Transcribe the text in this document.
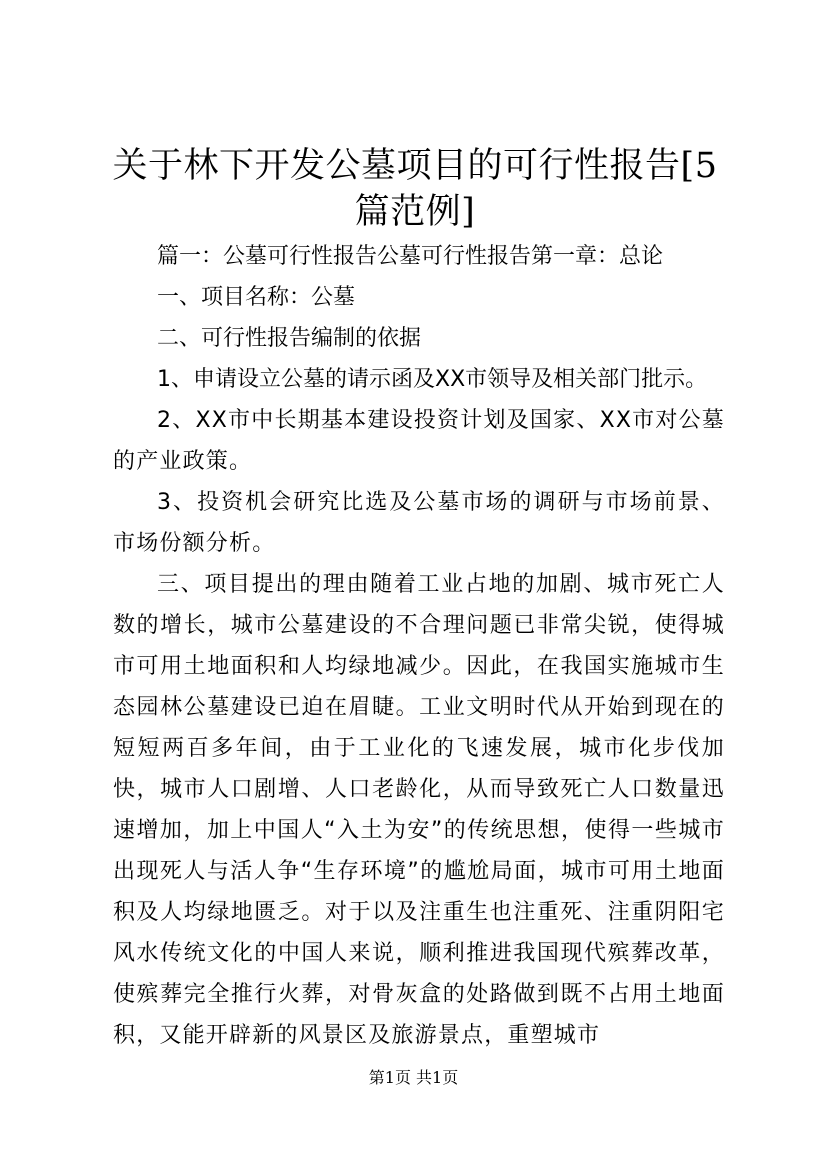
关于林下开发公墓项目的可行性报告[5篇范例]

篇一：公墓可行性报告公墓可行性报告第一章：总论

一、项目名称：公墓

二、可行性报告编制的依据

1、申请设立公墓的请示函及XX市领导及相关部门批示。

2、XX市中长期基本建设投资计划及国家、XX市对公墓的产业政策。

3、投资机会研究比选及公墓市场的调研与市场前景、市场份额分析。

三、项目提出的理由随着工业占地的加剧、城市死亡人数的增长，城市公墓建设的不合理问题已非常尖锐，使得城市可用土地面积和人均绿地减少。因此，在我国实施城市生态园林公墓建设已迫在眉睫。工业文明时代从开始到现在的短短两百多年间，由于工业化的飞速发展，城市化步伐加快，城市人口剧增、人口老龄化，从而导致死亡人口数量迅速增加，加上中国人“入土为安”的传统思想，使得一些城市出现死人与活人争“生存环境”的尴尬局面，城市可用土地面积及人均绿地匮乏。对于以及注重生也注重死、注重阴阳宅风水传统文化的中国人来说，顺利推进我国现代殡葬改革，使殡葬完全推行火葬，对骨灰盒的处路做到既不占用土地面积，又能开辟新的风景区及旅游景点，重塑城市

第1页 共1页
